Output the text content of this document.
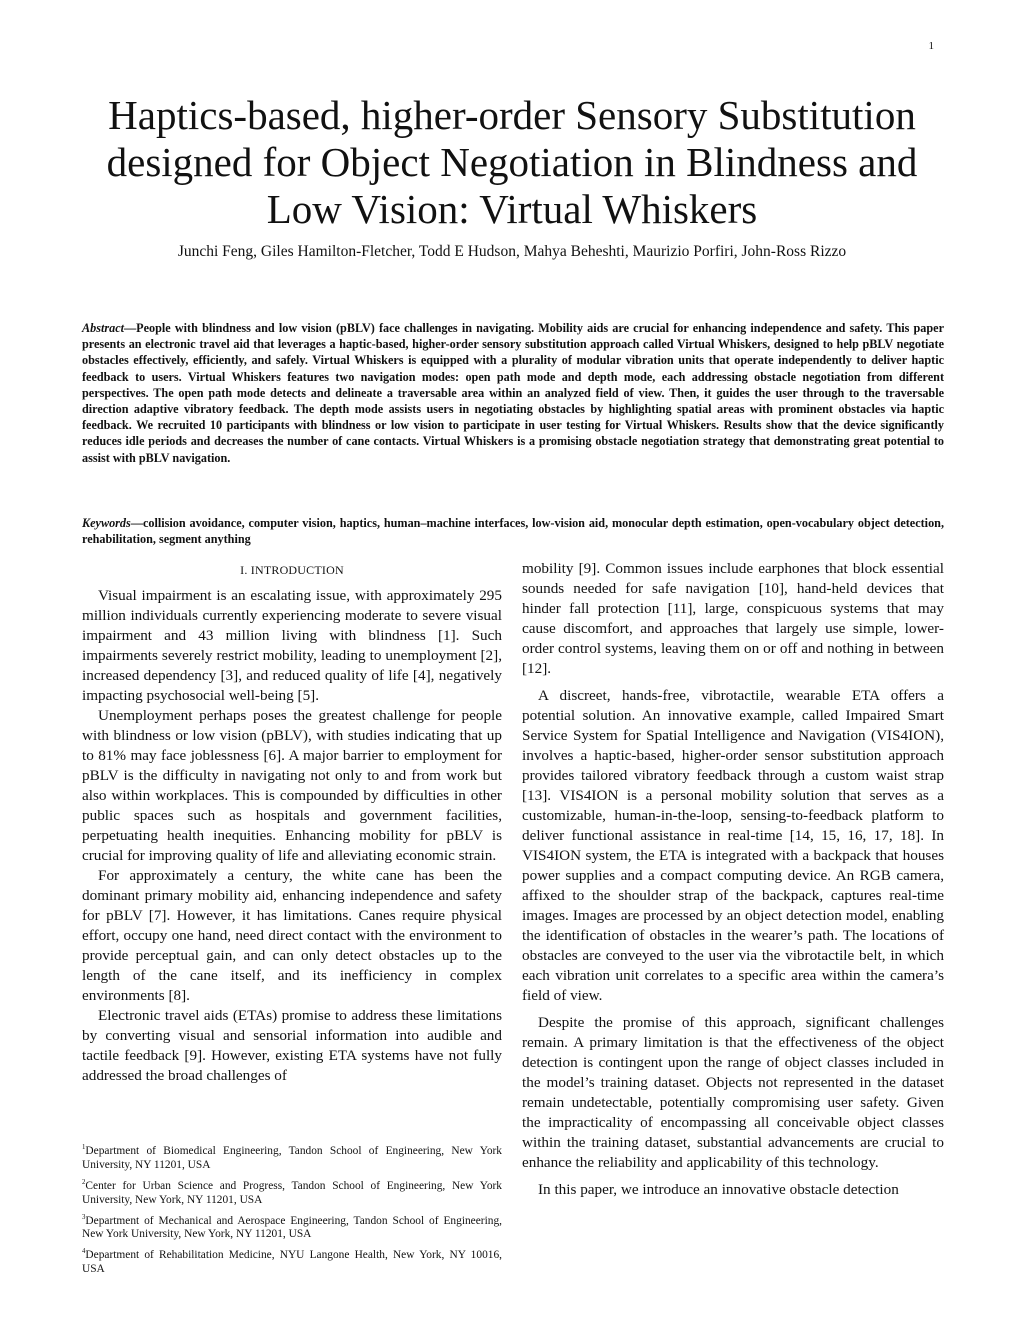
1
Haptics-based, higher-order Sensory Substitution
designed for Object Negotiation in Blindness and
Low Vision: Virtual Whiskers
Junchi Feng, Giles Hamilton-Fletcher, Todd E Hudson, Mahya Beheshti, Maurizio Porfiri, John-Ross Rizzo

Abstract—People with blindness and low vision (pBLV) face challenges in navigating. Mobility aids are crucial for enhancing independence and safety. This paper presents an electronic travel aid that leverages a haptic-based, higher-order sensory substitution approach called Virtual Whiskers, designed to help pBLV negotiate obstacles effectively, efficiently, and safely. Virtual Whiskers is equipped with a plurality of modular vibration units that operate independently to deliver haptic feedback to users. Virtual Whiskers features two navigation modes: open path mode and depth mode, each addressing obstacle negotiation from different perspectives. The open path mode detects and delineate a traversable area within an analyzed field of view. Then, it guides the user through to the traversable direction adaptive vibratory feedback. The depth mode assists users in negotiating obstacles by highlighting spatial areas with prominent obstacles via haptic feedback. We recruited 10 participants with blindness or low vision to participate in user testing for Virtual Whiskers. Results show that the device significantly reduces idle periods and decreases the number of cane contacts. Virtual Whiskers is a promising obstacle negotiation strategy that demonstrating great potential to assist with pBLV navigation.

Keywords—collision avoidance, computer vision, haptics, human–machine interfaces, low-vision aid, monocular depth estimation, open-vocabulary object detection, rehabilitation, segment anything

I. INTRODUCTION

Visual impairment is an escalating issue, with approximately 295 million individuals currently experiencing moderate to severe visual impairment and 43 million living with blindness [1]. Such impairments severely restrict mobility, leading to unemployment [2], increased dependency [3], and reduced quality of life [4], negatively impacting psychosocial well-being [5].

Unemployment perhaps poses the greatest challenge for people with blindness or low vision (pBLV), with studies indicating that up to 81% may face joblessness [6]. A major barrier to employment for pBLV is the difficulty in navigating not only to and from work but also within workplaces. This is compounded by difficulties in other public spaces such as hospitals and government facilities, perpetuating health inequities. Enhancing mobility for pBLV is crucial for improving quality of life and alleviating economic strain.

For approximately a century, the white cane has been the dominant primary mobility aid, enhancing independence and safety for pBLV [7]. However, it has limitations. Canes require physical effort, occupy one hand, need direct contact with the environment to provide perceptual gain, and can only detect obstacles up to the length of the cane itself, and its inefficiency in complex environments [8].

Electronic travel aids (ETAs) promise to address these limitations by converting visual and sensorial information into audible and tactile feedback [9]. However, existing ETA systems have not fully addressed the broad challenges of

$^1$Department of Biomedical Engineering, Tandon School of Engineering, New York University, NY 11201, USA

$^2$Center for Urban Science and Progress, Tandon School of Engineering, New York University, New York, NY 11201, USA

$^3$Department of Mechanical and Aerospace Engineering, Tandon School of Engineering, New York University, New York, NY 11201, USA

$^4$Department of Rehabilitation Medicine, NYU Langone Health, New York, NY 10016, USA

mobility [9]. Common issues include earphones that block essential sounds needed for safe navigation [10], hand-held devices that hinder fall protection [11], large, conspicuous systems that may cause discomfort, and approaches that largely use simple, lower-order control systems, leaving them on or off and nothing in between [12].

A discreet, hands-free, vibrotactile, wearable ETA offers a potential solution. An innovative example, called Impaired Smart Service System for Spatial Intelligence and Navigation (VIS4ION), involves a haptic-based, higher-order sensor substitution approach provides tailored vibratory feedback through a custom waist strap [13]. VIS4ION is a personal mobility solution that serves as a customizable, human-in-the-loop, sensing-to-feedback platform to deliver functional assistance in real-time [14, 15, 16, 17, 18]. In VIS4ION system, the ETA is integrated with a backpack that houses power supplies and a compact computing device. An RGB camera, affixed to the shoulder strap of the backpack, captures real-time images. Images are processed by an object detection model, enabling the identification of obstacles in the wearer’s path. The locations of obstacles are conveyed to the user via the vibrotactile belt, in which each vibration unit correlates to a specific area within the camera’s field of view.

Despite the promise of this approach, significant challenges remain. A primary limitation is that the effectiveness of the object detection is contingent upon the range of object classes included in the model’s training dataset. Objects not represented in the dataset remain undetectable, potentially compromising user safety. Given the impracticality of encompassing all conceivable object classes within the training dataset, substantial advancements are crucial to enhance the reliability and applicability of this technology.

In this paper, we introduce an innovative obstacle detection
